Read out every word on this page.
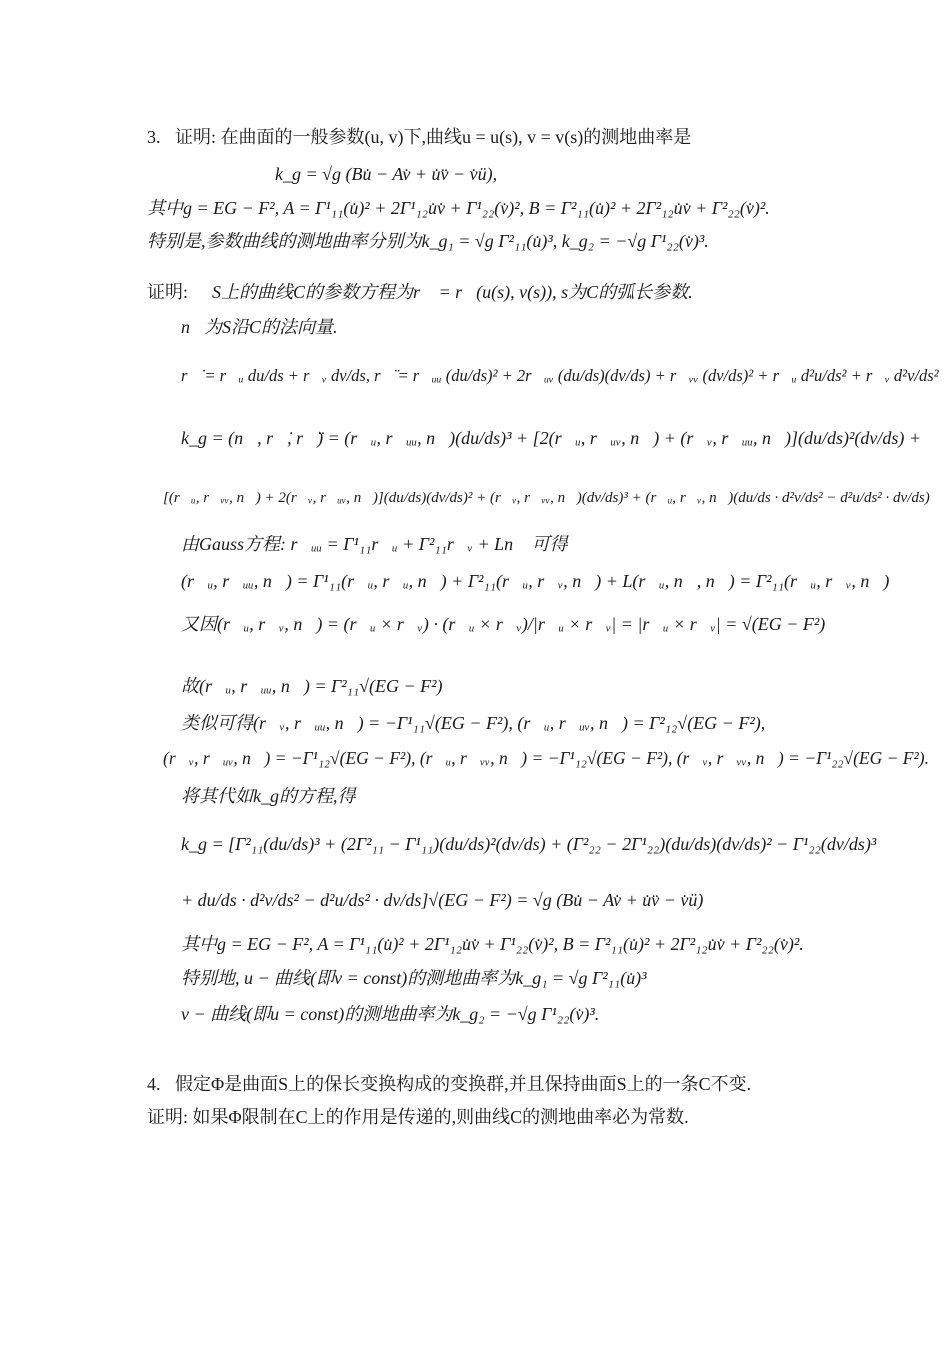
3. 证明: 在曲面的一般参数(u, v)下,曲线u = u(s), v = v(s)的测地曲率是
k_g = √g (Bu̇ − Av̇ + u̇v̈ − v̇ü),
其中g = EG − F², A = Γ¹₁₁(u̇)² + 2Γ¹₁₂u̇v̇ + Γ¹₂₂(v̇)², B = Γ²₁₁(u̇)² + 2Γ²₁₂u̇v̇ + Γ²₂₂(v̇)².
特别是,参数曲线的测地曲率分别为k_g₁ = √g Γ²₁₁(u̇)³, k_g₂ = −√g Γ¹₂₂(v̇)³.
证明: S上的曲线C的参数方程为r⃗ = r⃗(u(s), v(s)), s为C的弧长参数.
n⃗为S沿C的法向量.
r⃗̇ = r⃗ᵤ du/ds + r⃗ᵥ dv/ds, r⃗̈ = r⃗ᵤᵤ (du/ds)² + 2r⃗ᵤᵥ (du/ds)(dv/ds) + r⃗ᵥᵥ (dv/ds)² + r⃗ᵤ d²u/ds² + r⃗ᵥ d²v/ds²
k_g = (n⃗, r⃗̇, r⃗̈) = (r⃗ᵤ, r⃗ᵤᵤ, n⃗)(du/ds)³ + [2(r⃗ᵤ, r⃗ᵤᵥ, n⃗) + (r⃗ᵥ, r⃗ᵤᵤ, n⃗)](du/ds)²(dv/ds) +
[(r⃗ᵤ, r⃗ᵥᵥ, n⃗) + 2(r⃗ᵥ, r⃗ᵤᵥ, n⃗)](du/ds)(dv/ds)² + (r⃗ᵥ, r⃗ᵥᵥ, n⃗)(dv/ds)³ + (r⃗ᵤ, r⃗ᵥ, n⃗)(du/ds · d²v/ds² − d²u/ds² · dv/ds)
由Gauss方程: r⃗ᵤᵤ = Γ¹₁₁r⃗ᵤ + Γ²₁₁r⃗ᵥ + Ln⃗ 可得
(r⃗ᵤ, r⃗ᵤᵤ, n⃗) = Γ¹₁₁(r⃗ᵤ, r⃗ᵤ, n⃗) + Γ²₁₁(r⃗ᵤ, r⃗ᵥ, n⃗) + L(r⃗ᵤ, n⃗, n⃗) = Γ²₁₁(r⃗ᵤ, r⃗ᵥ, n⃗)
又因(r⃗ᵤ, r⃗ᵥ, n⃗) = (r⃗ᵤ × r⃗ᵥ) · (r⃗ᵤ × r⃗ᵥ)/|r⃗ᵤ × r⃗ᵥ| = |r⃗ᵤ × r⃗ᵥ| = √(EG − F²)
故(r⃗ᵤ, r⃗ᵤᵤ, n⃗) = Γ²₁₁√(EG − F²)
类似可得(r⃗ᵥ, r⃗ᵤᵤ, n⃗) = −Γ¹₁₁√(EG − F²), (r⃗ᵤ, r⃗ᵤᵥ, n⃗) = Γ²₁₂√(EG − F²),
(r⃗ᵥ, r⃗ᵤᵥ, n⃗) = −Γ¹₁₂√(EG − F²), (r⃗ᵤ, r⃗ᵥᵥ, n⃗) = −Γ¹₁₂√(EG − F²), (r⃗ᵥ, r⃗ᵥᵥ, n⃗) = −Γ¹₂₂√(EG − F²).
将其代如k_g的方程,得
k_g = [Γ²₁₁(du/ds)³ + (2Γ²₁₁ − Γ¹₁₁)(du/ds)²(dv/ds) + (Γ²₂₂ − 2Γ¹₂₂)(du/ds)(dv/ds)² − Γ¹₂₂(dv/ds)³
+ du/ds · d²v/ds² − d²u/ds² · dv/ds]√(EG − F²) = √g (Bu̇ − Av̇ + u̇v̈ − v̇ü)
其中g = EG − F², A = Γ¹₁₁(u̇)² + 2Γ¹₁₂u̇v̇ + Γ¹₂₂(v̇)², B = Γ²₁₁(u̇)² + 2Γ²₁₂u̇v̇ + Γ²₂₂(v̇)².
特别地, u − 曲线(即v = const)的测地曲率为k_g₁ = √g Γ²₁₁(u̇)³
v − 曲线(即u = const)的测地曲率为k_g₂ = −√g Γ¹₂₂(v̇)³.
4. 假定Φ是曲面S上的保长变换构成的变换群,并且保持曲面S上的一条C不变.
证明: 如果Φ限制在C上的作用是传递的,则曲线C的测地曲率必为常数.
